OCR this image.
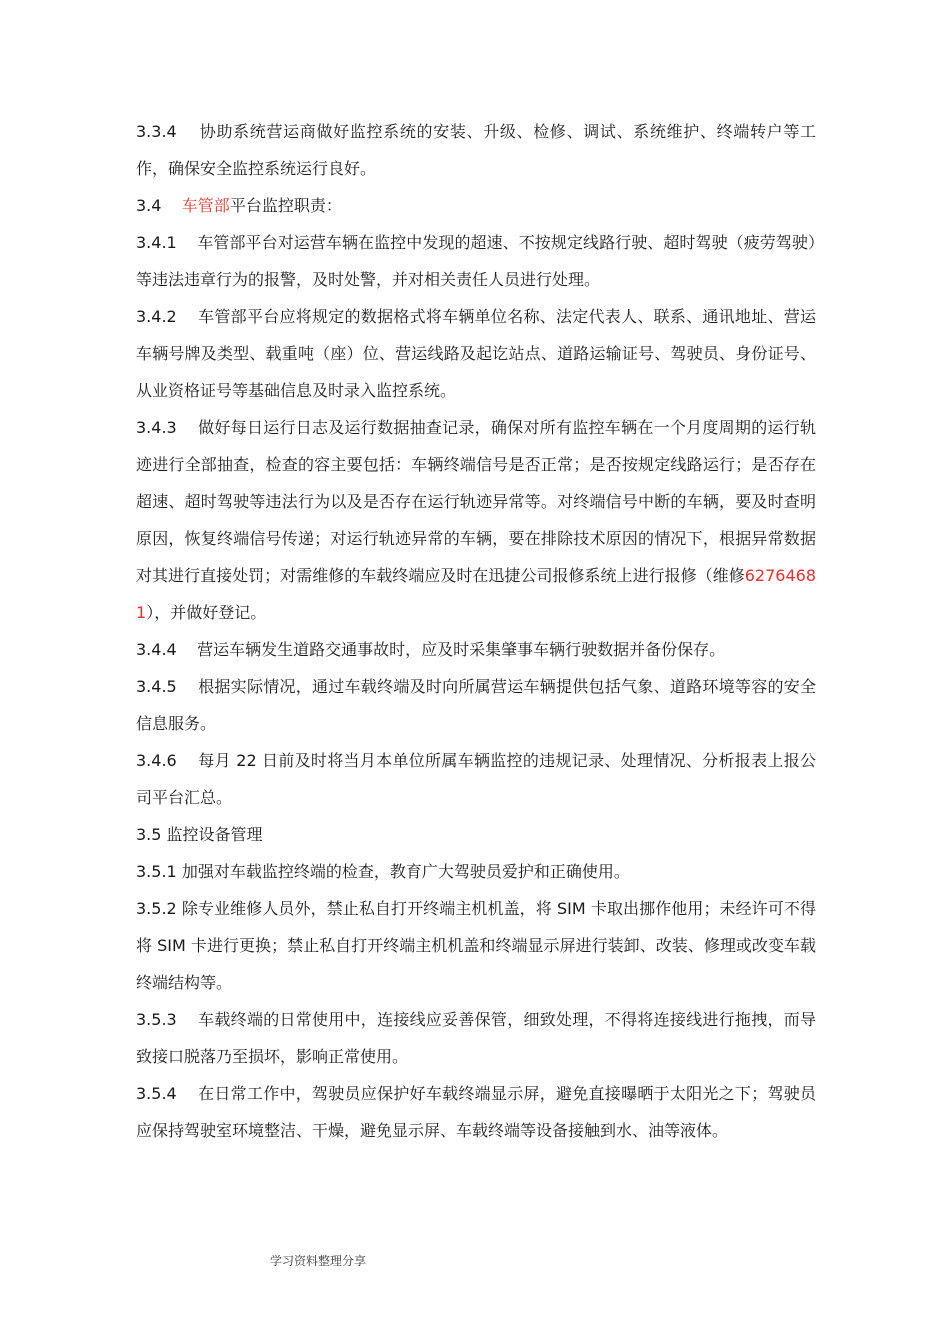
3.3.4 协助系统营运商做好监控系统的安装、升级、检修、调试、系统维护、终端转户等工作，确保安全监控系统运行良好。

3.4 车管部平台监控职责：

3.4.1 车管部平台对运营车辆在监控中发现的超速、不按规定线路行驶、超时驾驶（疲劳驾驶）等违法违章行为的报警，及时处警，并对相关责任人员进行处理。

3.4.2 车管部平台应将规定的数据格式将车辆单位名称、法定代表人、联系、通讯地址、营运车辆号牌及类型、载重吨（座）位、营运线路及起讫站点、道路运输证号、驾驶员、身份证号、从业资格证号等基础信息及时录入监控系统。

3.4.3 做好每日运行日志及运行数据抽查记录，确保对所有监控车辆在一个月度周期的运行轨迹进行全部抽查，检查的容主要包括：车辆终端信号是否正常；是否按规定线路运行；是否存在超速、超时驾驶等违法行为以及是否存在运行轨迹异常等。对终端信号中断的车辆，要及时查明原因，恢复终端信号传递；对运行轨迹异常的车辆，要在排除技术原因的情况下，根据异常数据对其进行直接处罚；对需维修的车载终端应及时在迅捷公司报修系统上进行报修（维修62764681），并做好登记。

3.4.4 营运车辆发生道路交通事故时，应及时采集肇事车辆行驶数据并备份保存。

3.4.5 根据实际情况，通过车载终端及时向所属营运车辆提供包括气象、道路环境等容的安全信息服务。

3.4.6 每月 22 日前及时将当月本单位所属车辆监控的违规记录、处理情况、分析报表上报公司平台汇总。

3.5 监控设备管理

3.5.1 加强对车载监控终端的检查，教育广大驾驶员爱护和正确使用。

3.5.2 除专业维修人员外，禁止私自打开终端主机机盖，将 SIM 卡取出挪作他用；未经许可不得将 SIM 卡进行更换；禁止私自打开终端主机机盖和终端显示屏进行装卸、改装、修理或改变车载终端结构等。

3.5.3 车载终端的日常使用中，连接线应妥善保管，细致处理，不得将连接线进行拖拽，而导致接口脱落乃至损坏，影响正常使用。

3.5.4 在日常工作中，驾驶员应保护好车载终端显示屏，避免直接曝晒于太阳光之下；驾驶员应保持驾驶室环境整洁、干燥，避免显示屏、车载终端等设备接触到水、油等液体。

学习资料整理分享
